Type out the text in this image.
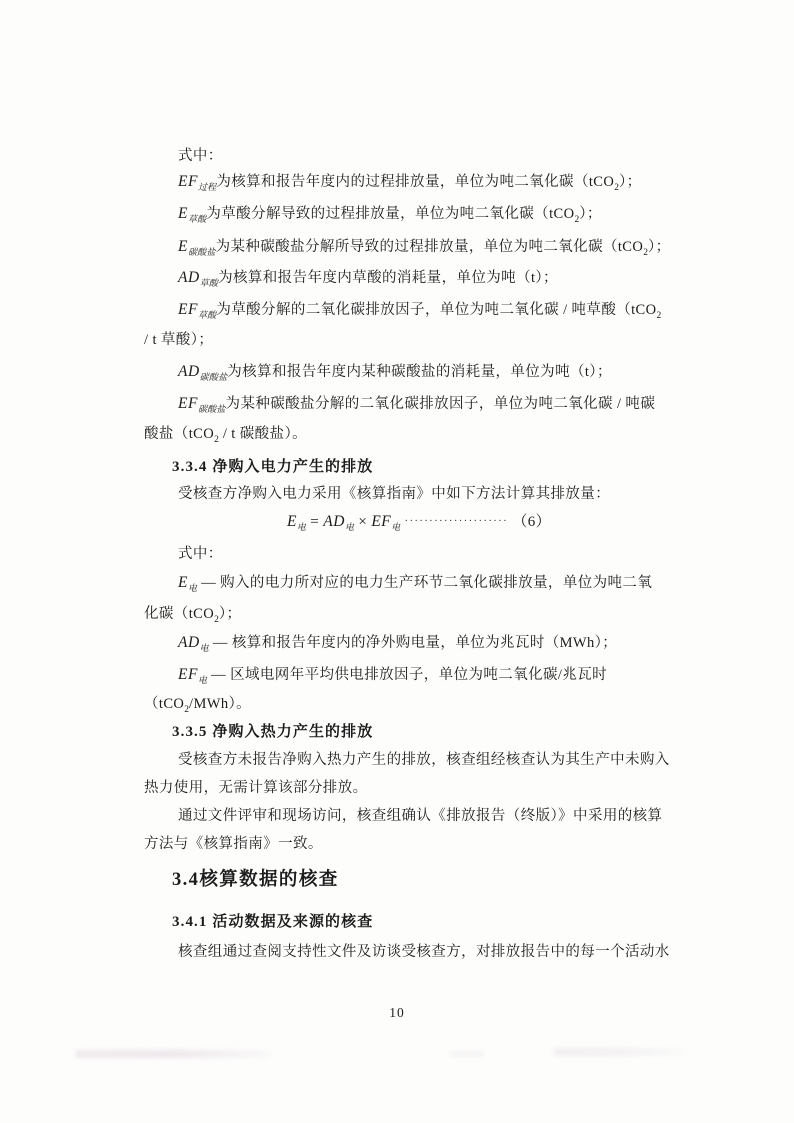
式中：
$EF_{过程}$为核算和报告年度内的过程排放量，单位为吨二氧化碳（tCO$_2$）；
$E_{草酸}$为草酸分解导致的过程排放量，单位为吨二氧化碳（tCO$_2$）；
$E_{碳酸盐}$为某种碳酸盐分解所导致的过程排放量，单位为吨二氧化碳（tCO$_2$）；
$AD_{草酸}$为核算和报告年度内草酸的消耗量，单位为吨（t）；
$EF_{草酸}$为草酸分解的二氧化碳排放因子，单位为吨二氧化碳 / 吨草酸（tCO$_2$
/ t 草酸）；
$AD_{碳酸盐}$为核算和报告年度内某种碳酸盐的消耗量，单位为吨（t）；
$EF_{碳酸盐}$为某种碳酸盐分解的二氧化碳排放因子，单位为吨二氧化碳 / 吨碳
酸盐（tCO$_2$ / t 碳酸盐）。
3.3.4 净购入电力产生的排放
受核查方净购入电力采用《核算指南》中如下方法计算其排放量：
$E_电 = AD_电 \times EF_电$ ····················· （6）
式中：
$E_电$ — 购入的电力所对应的电力生产环节二氧化碳排放量，单位为吨二氧
化碳（tCO$_2$）；
$AD_电$ — 核算和报告年度内的净外购电量，单位为兆瓦时（MWh）；
$EF_电$ — 区域电网年平均供电排放因子，单位为吨二氧化碳/兆瓦时
（tCO$_2$/MWh）。
3.3.5 净购入热力产生的排放
受核查方未报告净购入热力产生的排放，核查组经核查认为其生产中未购入
热力使用，无需计算该部分排放。
通过文件评审和现场访问，核查组确认《排放报告（终版）》中采用的核算
方法与《核算指南》一致。
3.4核算数据的核查
3.4.1 活动数据及来源的核查
核查组通过查阅支持性文件及访谈受核查方，对排放报告中的每一个活动水
10
